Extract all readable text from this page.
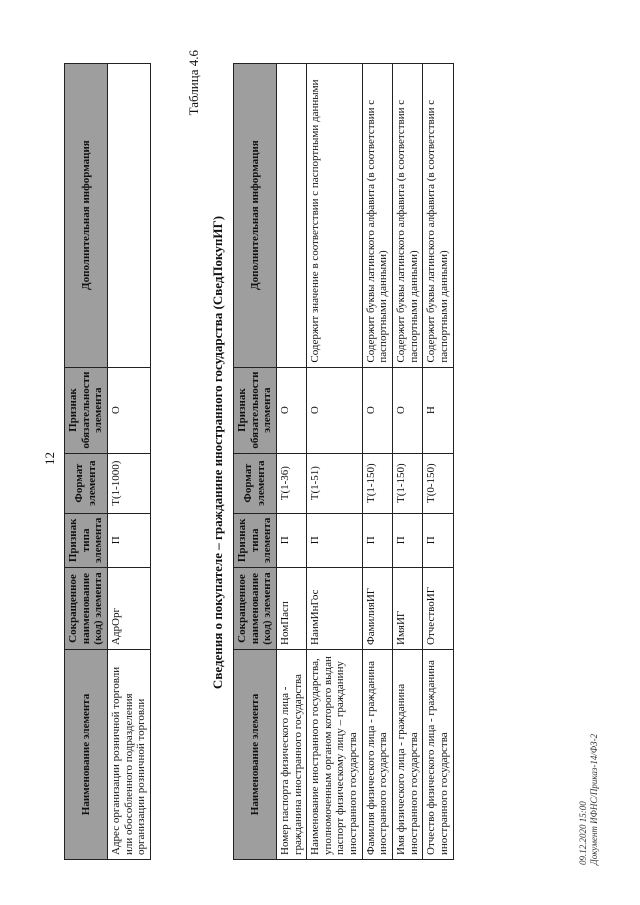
12
Наименование элемента	Сокращенное наименование (код) элемента	Признак типа элемента	Формат элемента	Признак обязательности элемента	Дополнительная информация
Адрес организации розничной торговли или обособленного подразделения организации розничной торговли	АдрОрг	П	T(1-1000)	О	
Таблица 4.6
Сведения о покупателе – гражданине иностранного государства (СведПокупИГ)
Наименование элемента	Сокращенное наименование (код) элемента	Признак типа элемента	Формат элемента	Признак обязательности элемента	Дополнительная информация
Номер паспорта физического лица - гражданина иностранного государства	НомПасп	П	T(1-36)	О	
Наименование иностранного государства, уполномоченным органом которого выдан паспорт физическому лицу – гражданину иностранного государства	НаимИнГос	П	T(1-51)	О	Содержит значение в соответствии с паспортными данными
Фамилия физического лица - гражданина иностранного государства	ФамилияИГ	П	T(1-150)	О	Содержит буквы латинского алфавита (в соответствии с паспортными данными)
Имя физического лица - гражданина иностранного государства	ИмяИГ	П	T(1-150)	О	Содержит буквы латинского алфавита (в соответствии с паспортными данными)
Отчество физического лица - гражданина иностранного государства	ОтчествоИГ	П	T(0-150)	Н	Содержит буквы латинского алфавита (в соответствии с паспортными данными)
09.12.2020 15:00 Документ ИФНС/Приказ-14/ФЗ-2
